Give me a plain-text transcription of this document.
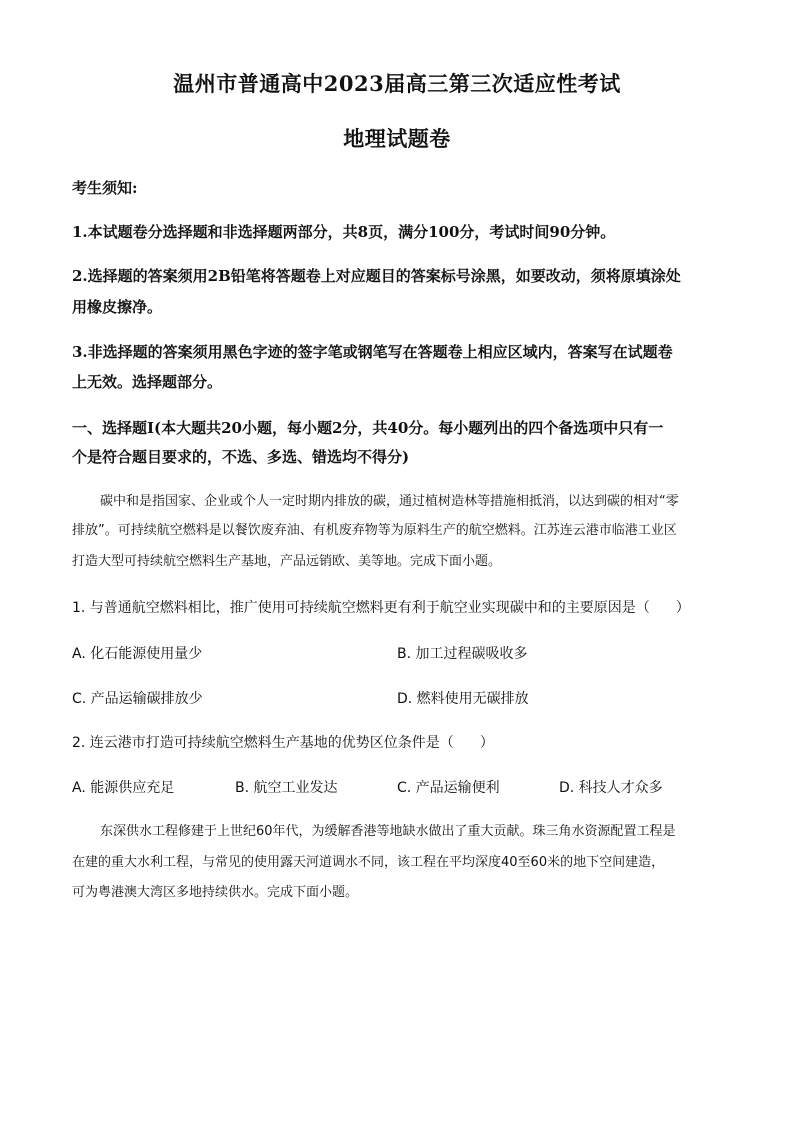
温州市普通高中2023届高三第三次适应性考试
地理试题卷
考生须知:
1.本试题卷分选择题和非选择题两部分，共8页，满分100分，考试时间90分钟。
2.选择题的答案须用2B铅笔将答题卷上对应题目的答案标号涂黑，如要改动，须将原填涂处
用橡皮擦净。
3.非选择题的答案须用黑色字迹的签字笔或钢笔写在答题卷上相应区域内，答案写在试题卷
上无效。选择题部分。
一、选择题Ⅰ(本大题共20小题，每小题2分，共40分。每小题列出的四个备选项中只有一
个是符合题目要求的，不选、多选、错选均不得分)
碳中和是指国家、企业或个人一定时期内排放的碳，通过植树造林等措施相抵消，以达到碳的相对“零
排放”。可持续航空燃料是以餐饮废弃油、有机废弃物等为原料生产的航空燃料。江苏连云港市临港工业区
打造大型可持续航空燃料生产基地，产品远销欧、美等地。完成下面小题。
1. 与普通航空燃料相比，推广使用可持续航空燃料更有利于航空业实现碳中和的主要原因是（ ）
A. 化石能源使用量少	B. 加工过程碳吸收多
C. 产品运输碳排放少	D. 燃料使用无碳排放
2. 连云港市打造可持续航空燃料生产基地的优势区位条件是（ ）
A. 能源供应充足	B. 航空工业发达	C. 产品运输便利	D. 科技人才众多
东深供水工程修建于上世纪60年代，为缓解香港等地缺水做出了重大贡献。珠三角水资源配置工程是
在建的重大水利工程，与常见的使用露天河道调水不同，该工程在平均深度40至60米的地下空间建造，
可为粤港澳大湾区多地持续供水。完成下面小题。
